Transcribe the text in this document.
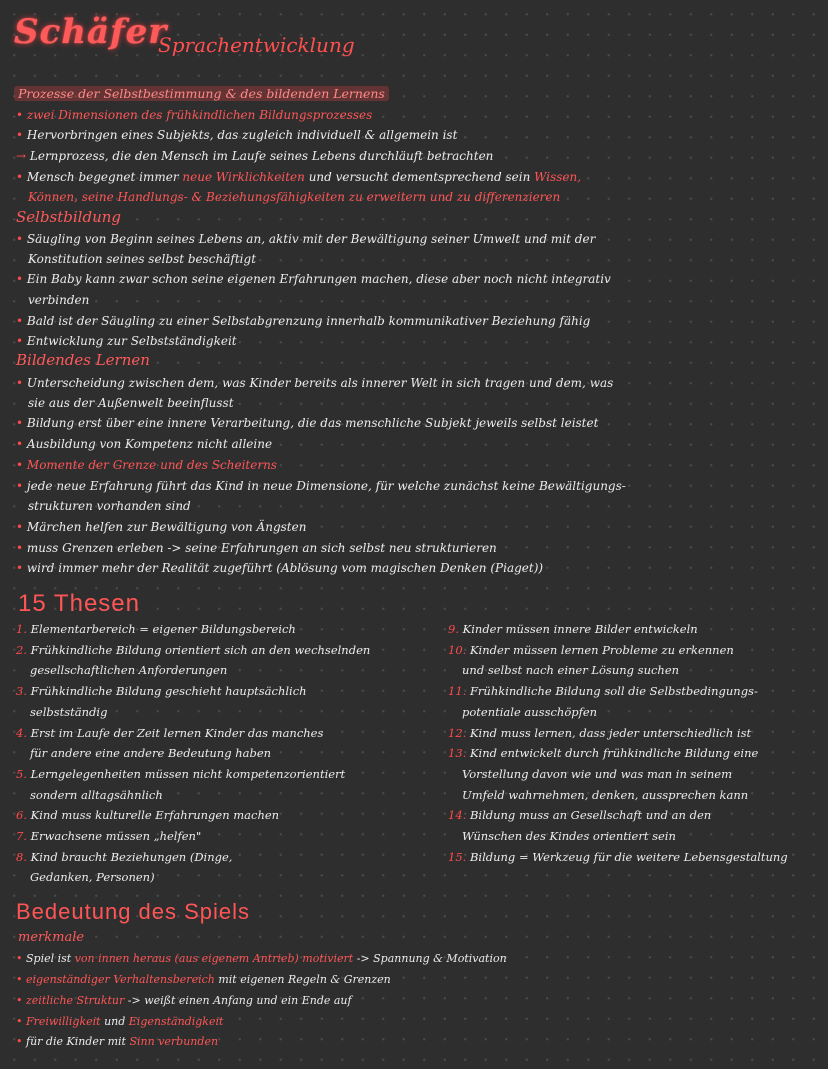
Schäfer
Sprachentwicklung
Prozesse der Selbstbestimmung & des bildenden Lernens
• zwei Dimensionen des frühkindlichen Bildungsprozesses
• Hervorbringen eines Subjekts, das zugleich individuell & allgemein ist
→ Lernprozess, die den Mensch im Laufe seines Lebens durchläuft betrachten
• Mensch begegnet immer neue Wirklichkeiten und versucht dementsprechend sein Wissen,
Können, seine Handlungs- & Beziehungsfähigkeiten zu erweitern und zu differenzieren
Selbstbildung
• Säugling von Beginn seines Lebens an, aktiv mit der Bewältigung seiner Umwelt und mit der
Konstitution seines selbst beschäftigt
• Ein Baby kann zwar schon seine eigenen Erfahrungen machen, diese aber noch nicht integrativ
verbinden
• Bald ist der Säugling zu einer Selbstabgrenzung innerhalb kommunikativer Beziehung fähig
• Entwicklung zur Selbstständigkeit
Bildendes Lernen
• Unterscheidung zwischen dem, was Kinder bereits als innerer Welt in sich tragen und dem, was
sie aus der Außenwelt beeinflusst
• Bildung erst über eine innere Verarbeitung, die das menschliche Subjekt jeweils selbst leistet
• Ausbildung von Kompetenz nicht alleine
• Momente der Grenze und des Scheiterns
• jede neue Erfahrung führt das Kind in neue Dimensione, für welche zunächst keine Bewältigungs-
strukturen vorhanden sind
• Märchen helfen zur Bewältigung von Ängsten
• muss Grenzen erleben -> seine Erfahrungen an sich selbst neu strukturieren
• wird immer mehr der Realität zugeführt (Ablösung vom magischen Denken (Piaget))
15 Thesen
1. Elementarbereich = eigener Bildungsbereich
2. Frühkindliche Bildung orientiert sich an den wechselnden
gesellschaftlichen Anforderungen
3. Frühkindliche Bildung geschieht hauptsächlich
selbstständig
4. Erst im Laufe der Zeit lernen Kinder das manches
für andere eine andere Bedeutung haben
5. Lerngelegenheiten müssen nicht kompetenzorientiert
sondern alltagsähnlich
6. Kind muss kulturelle Erfahrungen machen
7. Erwachsene müssen „helfen"
8. Kind braucht Beziehungen (Dinge,
Gedanken, Personen)
9. Kinder müssen innere Bilder entwickeln
10. Kinder müssen lernen Probleme zu erkennen
und selbst nach einer Lösung suchen
11. Frühkindliche Bildung soll die Selbstbedingungs-
potentiale ausschöpfen
12. Kind muss lernen, dass jeder unterschiedlich ist
13. Kind entwickelt durch frühkindliche Bildung eine
Vorstellung davon wie und was man in seinem
Umfeld wahrnehmen, denken, aussprechen kann
14. Bildung muss an Gesellschaft und an den
Wünschen des Kindes orientiert sein
15. Bildung = Werkzeug für die weitere Lebensgestaltung
Bedeutung des Spiels
merkmale
• Spiel ist von innen heraus (aus eigenem Antrieb) motiviert -> Spannung & Motivation
• eigenständiger Verhaltensbereich mit eigenen Regeln & Grenzen
• zeitliche Struktur -> weißt einen Anfang und ein Ende auf
• Freiwilligkeit und Eigenständigkeit
• für die Kinder mit Sinn verbunden
